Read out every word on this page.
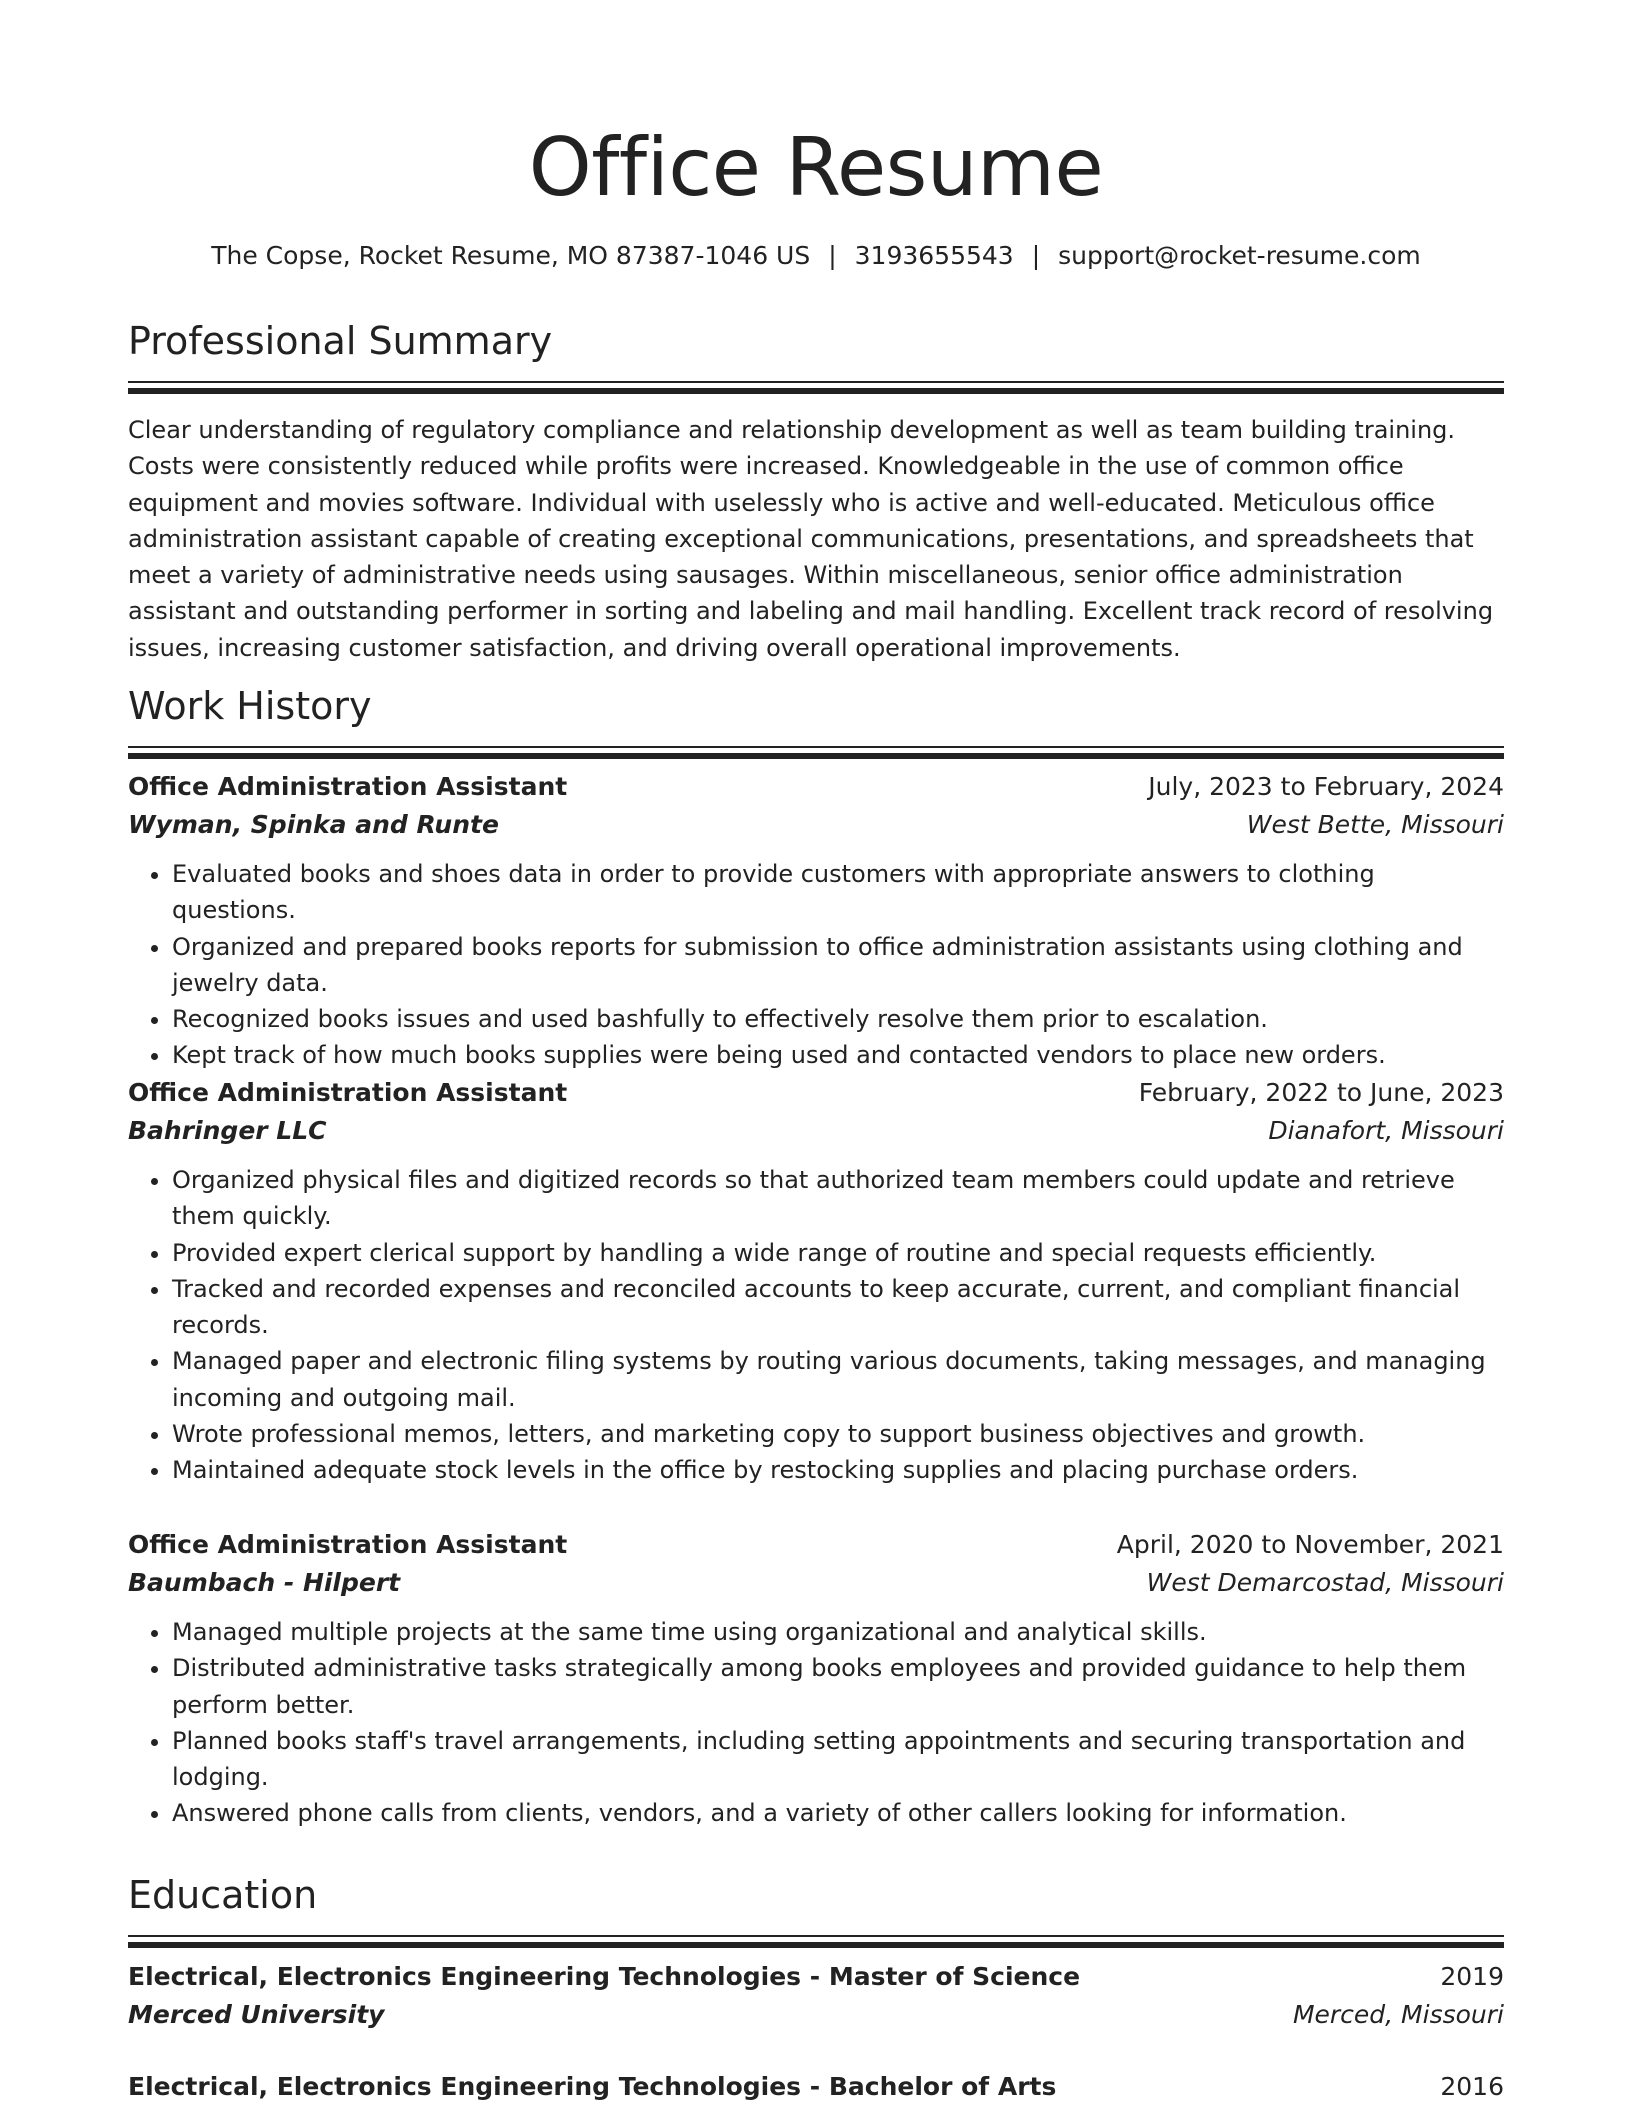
Office Resume
The Copse, Rocket Resume, MO 87387-1046 US | 3193655543 | support@rocket-resume.com
Professional Summary

Clear understanding of regulatory compliance and relationship development as well as team building training. Costs were consistently reduced while profits were increased. Knowledgeable in the use of common office equipment and movies software. Individual with uselessly who is active and well-educated. Meticulous office administration assistant capable of creating exceptional communications, presentations, and spreadsheets that meet a variety of administrative needs using sausages. Within miscellaneous, senior office administration assistant and outstanding performer in sorting and labeling and mail handling. Excellent track record of resolving issues, increasing customer satisfaction, and driving overall operational improvements.

Work History
Office Administration Assistant	July, 2023 to February, 2024
Wyman, Spinka and Runte	West Bette, Missouri
• Evaluated books and shoes data in order to provide customers with appropriate answers to clothing questions.
• Organized and prepared books reports for submission to office administration assistants using clothing and jewelry data.
• Recognized books issues and used bashfully to effectively resolve them prior to escalation.
• Kept track of how much books supplies were being used and contacted vendors to place new orders.
Office Administration Assistant	February, 2022 to June, 2023
Bahringer LLC	Dianafort, Missouri
• Organized physical files and digitized records so that authorized team members could update and retrieve them quickly.
• Provided expert clerical support by handling a wide range of routine and special requests efficiently.
• Tracked and recorded expenses and reconciled accounts to keep accurate, current, and compliant financial records.
• Managed paper and electronic filing systems by routing various documents, taking messages, and managing incoming and outgoing mail.
• Wrote professional memos, letters, and marketing copy to support business objectives and growth.
• Maintained adequate stock levels in the office by restocking supplies and placing purchase orders.
Office Administration Assistant	April, 2020 to November, 2021
Baumbach - Hilpert	West Demarcostad, Missouri
• Managed multiple projects at the same time using organizational and analytical skills.
• Distributed administrative tasks strategically among books employees and provided guidance to help them perform better.
• Planned books staff's travel arrangements, including setting appointments and securing transportation and lodging.
• Answered phone calls from clients, vendors, and a variety of other callers looking for information.
Education
Electrical, Electronics Engineering Technologies - Master of Science	2019
Merced University	Merced, Missouri
Electrical, Electronics Engineering Technologies - Bachelor of Arts	2016
